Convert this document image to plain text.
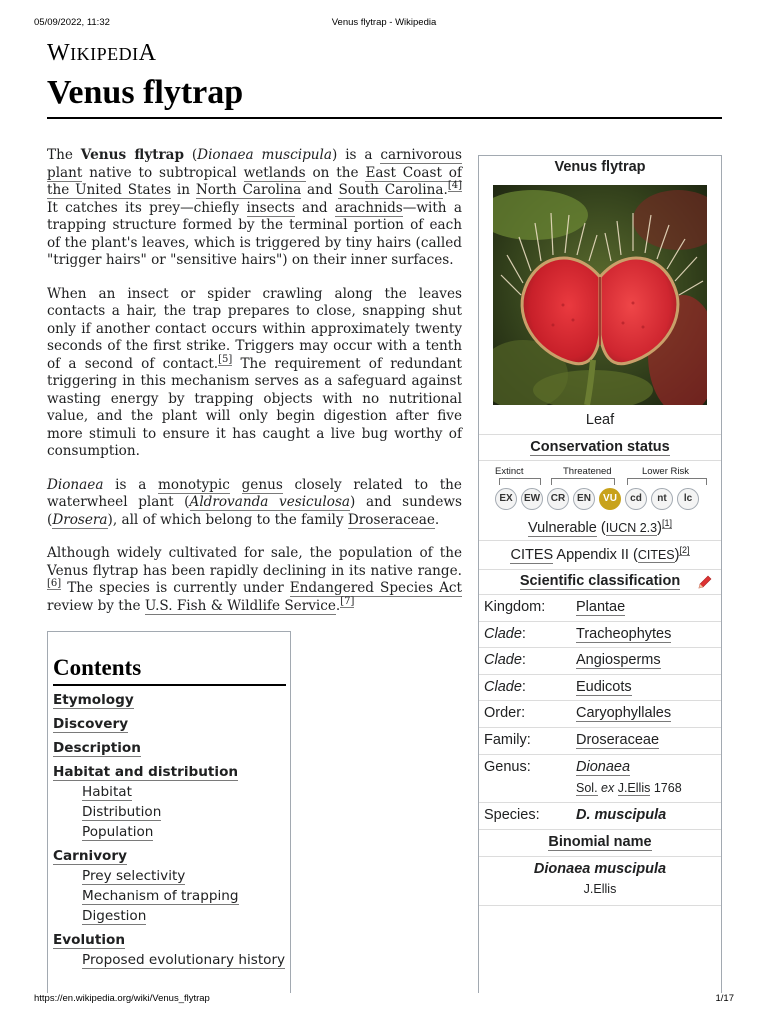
05/09/2022, 11:32	Venus flytrap - Wikipedia
WIKIPEDIA
Venus flytrap

The Venus flytrap (Dionaea muscipula) is a carnivorous plant native to subtropical wetlands on the East Coast of the United States in North Carolina and South Carolina.[4] It catches its prey—chiefly insects and arachnids—with a trapping structure formed by the terminal portion of each of the plant's leaves, which is triggered by tiny hairs (called "trigger hairs" or "sensitive hairs") on their inner surfaces.

When an insect or spider crawling along the leaves contacts a hair, the trap prepares to close, snapping shut only if another contact occurs within approximately twenty seconds of the first strike. Triggers may occur with a tenth of a second of contact.[5] The requirement of redundant triggering in this mechanism serves as a safeguard against wasting energy by trapping objects with no nutritional value, and the plant will only begin digestion after five more stimuli to ensure it has caught a live bug worthy of consumption.

Dionaea is a monotypic genus closely related to the waterwheel plant (Aldrovanda vesiculosa) and sundews (Drosera), all of which belong to the family Droseraceae.

Although widely cultivated for sale, the population of the Venus flytrap has been rapidly declining in its native range.[6] The species is currently under Endangered Species Act review by the U.S. Fish & Wildlife Service.[7]

Contents
Etymology
Discovery
Description
Habitat and distribution
Habitat
Distribution
Population
Carnivory
Prey selectivity
Mechanism of trapping
Digestion
Evolution
Proposed evolutionary history
Venus flytrap
Leaf
Conservation status
Extinct	Threatened	Lower Risk
EX	EW	CR	EN	VU	cd	nt	lc
Vulnerable (IUCN 2.3)[1]
CITES Appendix II (CITES)[2]
Scientific classification
Kingdom: Plantae
Clade:	Tracheophytes
Clade:	Angiosperms
Clade:	Eudicots
Order:	Caryophyllales
Family:	Droseraceae
Genus:	Dionaea
Sol. ex J.Ellis 1768
Species:	D. muscipula
Binomial name
Dionaea muscipula
J.Ellis
https://en.wikipedia.org/wiki/Venus_flytrap	1/17
